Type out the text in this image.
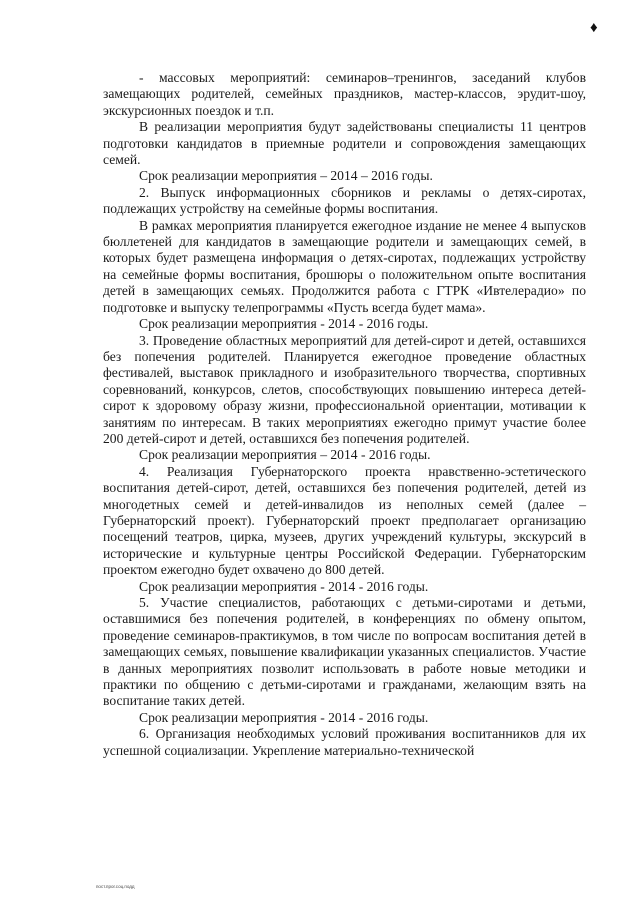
♦

- массовых мероприятий: семинаров–тренингов, заседаний клубов замещающих родителей, семейных праздников, мастер-классов, эрудит-шоу, экскурсионных поездок и т.п.

В реализации мероприятия будут задействованы специалисты 11 центров подготовки кандидатов в приемные родители и сопровождения замещающих семей.

Срок реализации мероприятия – 2014 – 2016 годы.

2. Выпуск информационных сборников и рекламы о детях-сиротах, подлежащих устройству на семейные формы воспитания.

В рамках мероприятия планируется ежегодное издание не менее 4 выпусков бюллетеней для кандидатов в замещающие родители и замещающих семей, в которых будет размещена информация о детях-сиротах, подлежащих устройству на семейные формы воспитания, брошюры о положительном опыте воспитания детей в замещающих семьях. Продолжится работа с ГТРК «Ивтелерадио» по подготовке и выпуску телепрограммы «Пусть всегда будет мама».

Срок реализации мероприятия - 2014 - 2016 годы.

3. Проведение областных мероприятий для детей-сирот и детей, оставшихся без попечения родителей. Планируется ежегодное проведение областных фестивалей, выставок прикладного и изобразительного творчества, спортивных соревнований, конкурсов, слетов, способствующих повышению интереса детей-сирот к здоровому образу жизни, профессиональной ориентации, мотивации к занятиям по интересам. В таких мероприятиях ежегодно примут участие более 200 детей-сирот и детей, оставшихся без попечения родителей.

Срок реализации мероприятия – 2014 - 2016 годы.

4. Реализация Губернаторского проекта нравственно-эстетического воспитания детей-сирот, детей, оставшихся без попечения родителей, детей из многодетных семей и детей-инвалидов из неполных семей (далее – Губернаторский проект). Губернаторский проект предполагает организацию посещений театров, цирка, музеев, других учреждений культуры, экскурсий в исторические и культурные центры Российской Федерации. Губернаторским проектом ежегодно будет охвачено до 800 детей.

Срок реализации мероприятия - 2014 - 2016 годы.

5. Участие специалистов, работающих с детьми-сиротами и детьми, оставшимися без попечения родителей, в конференциях по обмену опытом, проведение семинаров-практикумов, в том числе по вопросам воспитания детей в замещающих семьях, повышение квалификации указанных специалистов. Участие в данных мероприятиях позволит использовать в работе новые методики и практики по общению с детьми-сиротами и гражданами, желающим взять на воспитание таких детей.

Срок реализации мероприятия - 2014 - 2016 годы.

6. Организация необходимых условий проживания воспитанников для их успешной социализации. Укрепление материально-технической

пост.прог.соц.подд
